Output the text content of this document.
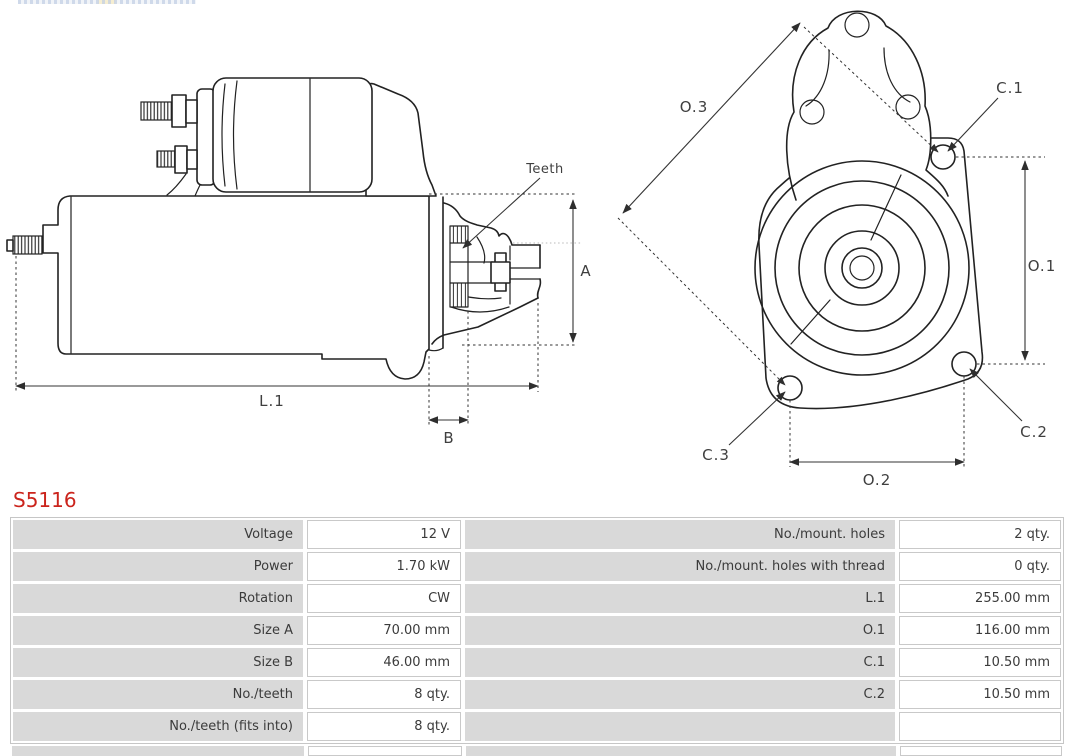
A
Teeth
L.1
B
O.3
C.1
O.1
C.2
C.3
O.2
S5116
Voltage	12 V	No./mount. holes	2 qty.
Power	1.70 kW	No./mount. holes with thread	0 qty.
Rotation	CW	L.1	255.00 mm
Size A	70.00 mm	O.1	116.00 mm
Size B	46.00 mm	C.1	10.50 mm
No./teeth	8 qty.	C.2	10.50 mm
No./teeth (fits into)	8 qty.
